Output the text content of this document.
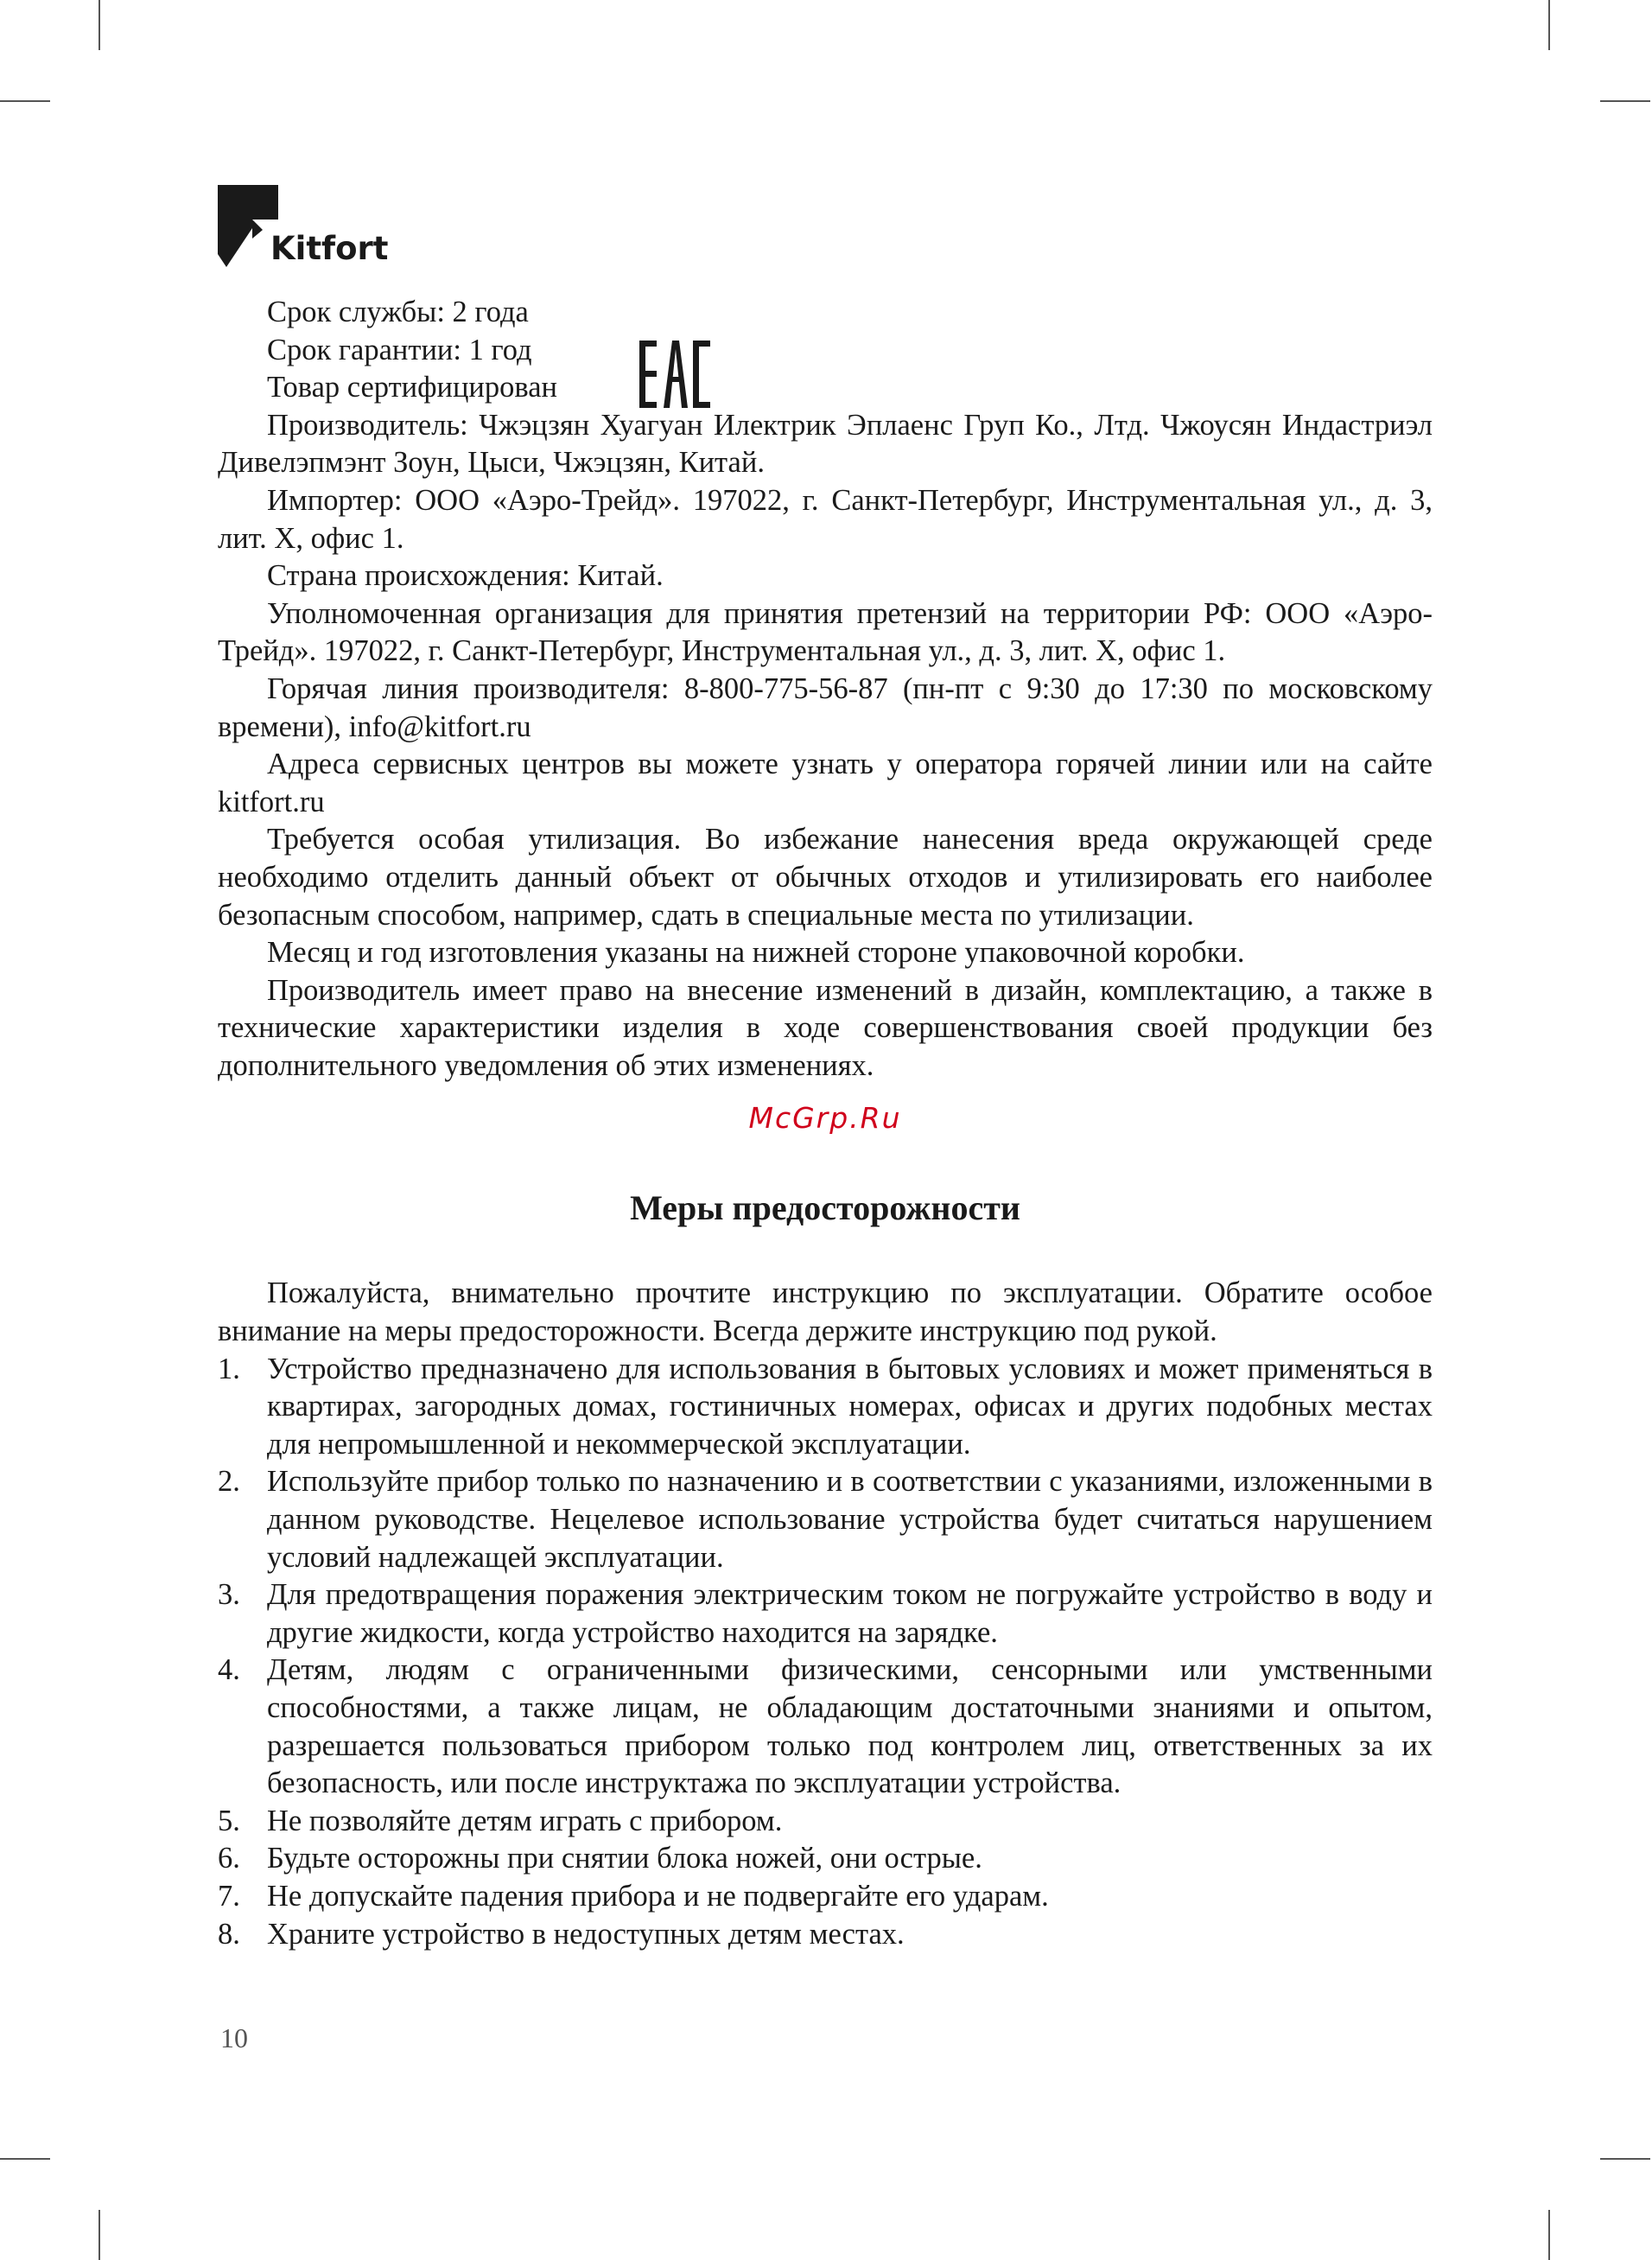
Kitfort

Срок службы: 2 года

Срок гарантии: 1 год

Товар сертифицирован

Производитель: Чжэцзян Хуагуан Илектрик Эплаенс Груп Ко., Лтд. Чжоусян Индастриэл Дивелэпмэнт Зоун, Цыси, Чжэцзян, Китай.

Импортер: ООО «Аэро-Трейд». 197022, г. Санкт-Петербург, Инструментальная ул., д. 3, лит. Х, офис 1.

Страна происхождения: Китай.

Уполномоченная организация для принятия претензий на территории РФ: ООО «Аэро-Трейд». 197022, г. Санкт-Петербург, Инструментальная ул., д. 3, лит. Х, офис 1.

Горячая линия производителя: 8-800-775-56-87 (пн-пт с 9:30 до 17:30 по московскому времени), info@kitfort.ru

Адреса сервисных центров вы можете узнать у оператора горячей линии или на сайте kitfort.ru

Требуется особая утилизация. Во избежание нанесения вреда окружающей среде необходимо отделить данный объект от обычных отходов и утилизировать его наиболее безопасным способом, например, сдать в специальные места по утилизации.

Месяц и год изготовления указаны на нижней стороне упаковочной коробки.

Производитель имеет право на внесение изменений в дизайн, комплектацию, а также в технические характеристики изделия в ходе совершенствования своей продукции без дополнительного уведомления об этих изменениях.

McGrp.Ru
Меры предосторожности

Пожалуйста, внимательно прочтите инструкцию по эксплуатации. Обратите особое внимание на меры предосторожности. Всегда держите инструкцию под рукой.

1. Устройство предназначено для использования в бытовых условиях и может применяться в квартирах, загородных домах, гостиничных номерах, офисах и других подобных местах для непромышленной и некоммерческой эксплуатации.
2. Используйте прибор только по назначению и в соответствии с указаниями, изложенными в данном руководстве. Нецелевое использование устройства будет считаться нарушением условий надлежащей эксплуатации.
3. Для предотвращения поражения электрическим током не погружайте устройство в воду и другие жидкости, когда устройство находится на зарядке.
4. Детям, людям с ограниченными физическими, сенсорными или умственными способностями, а также лицам, не обладающим достаточными знаниями и опытом, разрешается пользоваться прибором только под контролем лиц, ответственных за их безопасность, или после инструктажа по эксплуатации устройства.
5. Не позволяйте детям играть с прибором.
6. Будьте осторожны при снятии блока ножей, они острые.
7. Не допускайте падения прибора и не подвергайте его ударам.
8. Храните устройство в недоступных детям местах.
10
